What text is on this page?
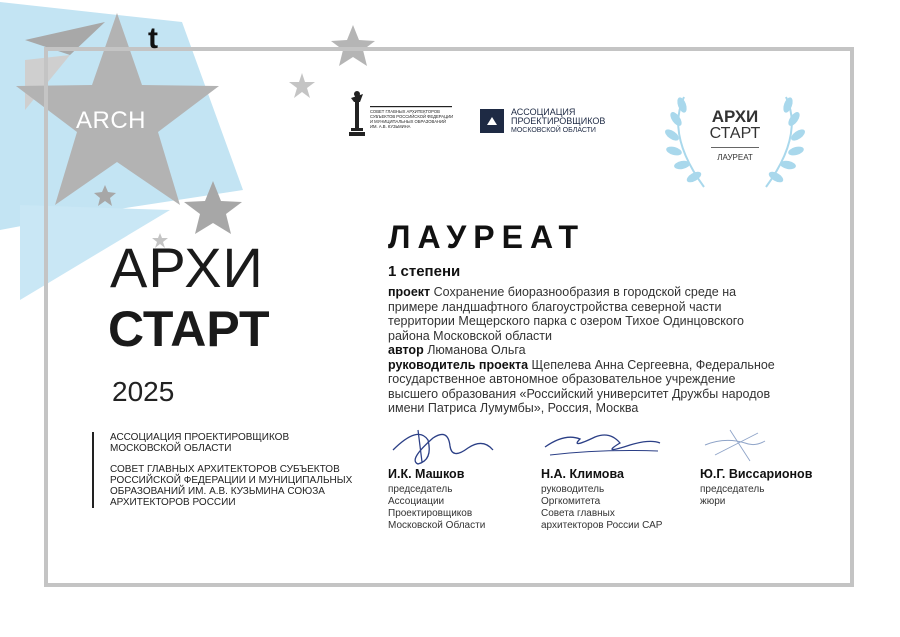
ARCH
t
СОВЕТ ГЛАВНЫХ АРХИТЕКТОРОВ
СУБЪЕКТОВ РОССИЙСКОЙ ФЕДЕРАЦИИ
И МУНИЦИПАЛЬНЫХ ОБРАЗОВАНИЙ
ИМ. А.В. КУЗЬМИНА
АССОЦИАЦИЯ
ПРОЕКТИРОВЩИКОВ
МОСКОВСКОЙ ОБЛАСТИ
АРХИ
СТАРТ
ЛАУРЕАТ
АРХИ
СТАРТ
2025
АССОЦИАЦИЯ ПРОЕКТИРОВЩИКОВ МОСКОВСКОЙ ОБЛАСТИ
СОВЕТ ГЛАВНЫХ АРХИТЕКТОРОВ СУБЪЕКТОВ РОССИЙСКОЙ ФЕДЕРАЦИИ И МУНИЦИПАЛЬНЫХ ОБРАЗОВАНИЙ ИМ. А.В. КУЗЬМИНА СОЮЗА АРХИТЕКТОРОВ РОССИИ
ЛАУРЕАТ
1 степени

проект Сохранение биоразнообразия в городской среде на примере ландшафтного благоустройства северной части территории Мещерского парка с озером Тихое Одинцовского района Московской области

автор Люманова Ольга

руководитель проекта Щепелева Анна Сергеевна, Федеральное государственное автономное образовательное учреждение высшего образования «Российский университет Дружбы народов имени Патриса Лумумбы», Россия, Москва

И.К. Машков
председатель
Ассоциации
Проектировщиков
Московской Области
Н.А. Климова
руководитель
Оргкомитета
Совета главных
архитекторов России САР
Ю.Г. Виссарионов
председатель
жюри
